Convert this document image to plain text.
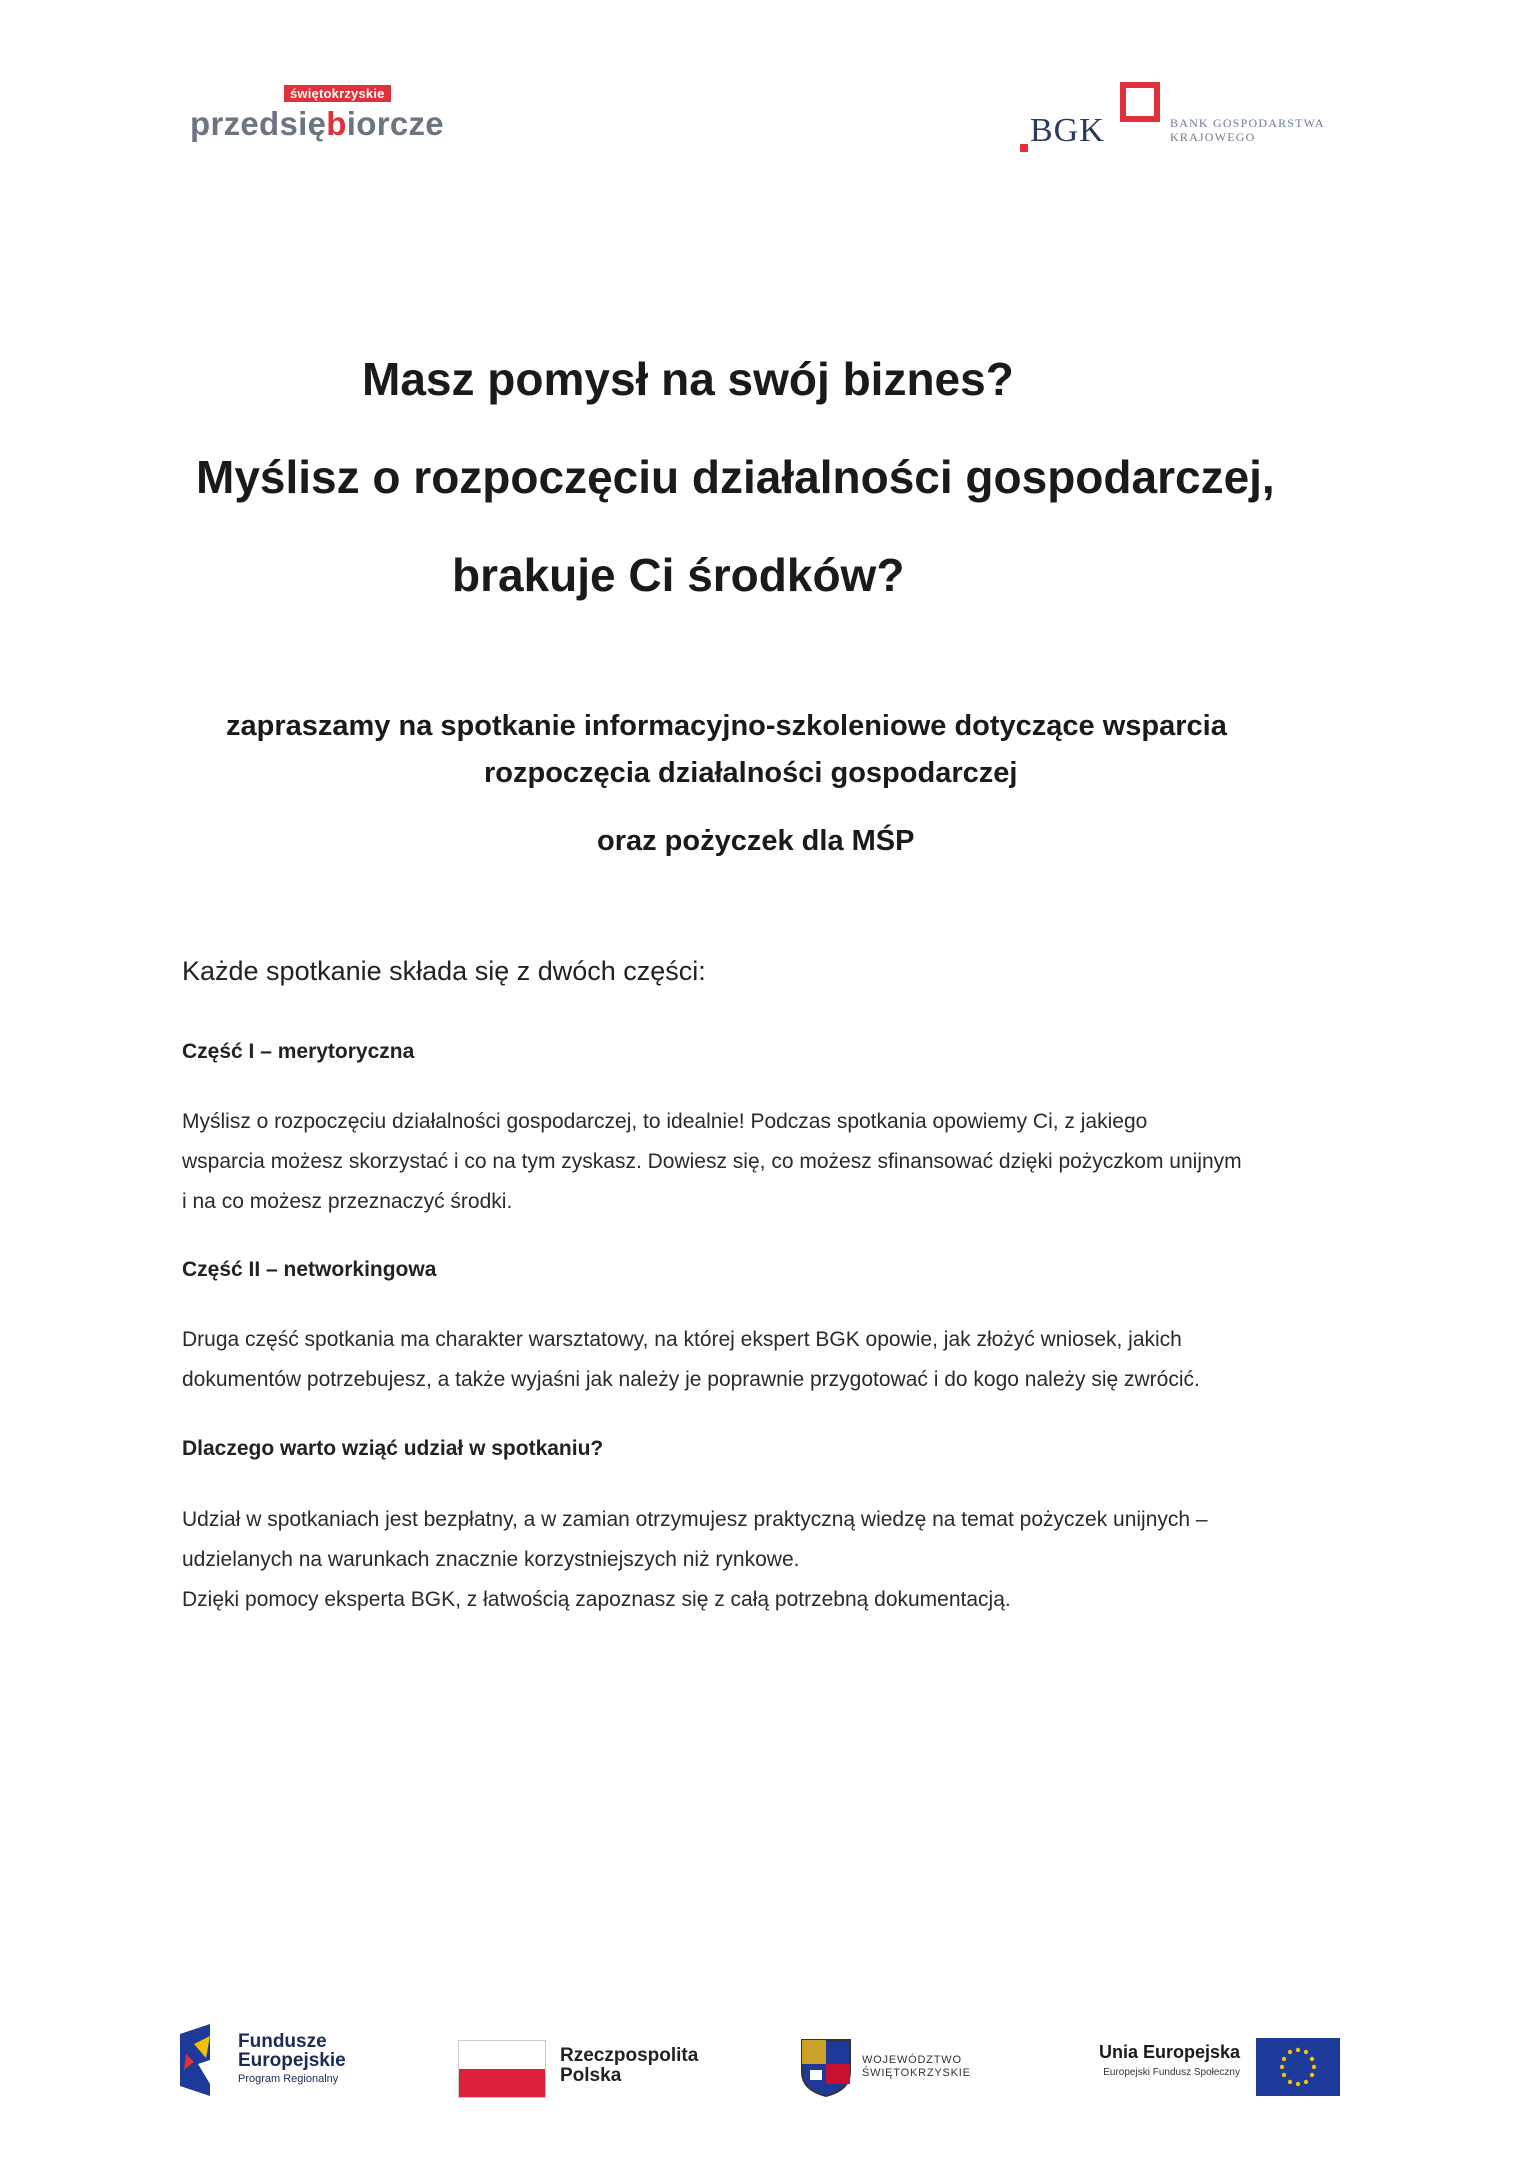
świętokrzyskie
przedsiębiorcze	BGK	BANK GOSPODARSTWA
KRAJOWEGO
Masz pomysł na swój biznes?
Myślisz o rozpoczęciu działalności gospodarczej,
brakuje Ci środków?
zapraszamy na spotkanie informacyjno-szkoleniowe dotyczące wsparcia
rozpoczęcia działalności gospodarczej
oraz pożyczek dla MŚP
Każde spotkanie składa się z dwóch części:
Część I – merytoryczna
Myślisz o rozpoczęciu działalności gospodarczej, to idealnie! Podczas spotkania opowiemy Ci, z jakiego
wsparcia możesz skorzystać i co na tym zyskasz. Dowiesz się, co możesz sfinansować dzięki pożyczkom unijnym
i na co możesz przeznaczyć środki.
Część II – networkingowa
Druga część spotkania ma charakter warsztatowy, na której ekspert BGK opowie, jak złożyć wniosek, jakich
dokumentów potrzebujesz, a także wyjaśni jak należy je poprawnie przygotować i do kogo należy się zwrócić.
Dlaczego warto wziąć udział w spotkaniu?
Udział w spotkaniach jest bezpłatny, a w zamian otrzymujesz praktyczną wiedzę na temat pożyczek unijnych –
udzielanych na warunkach znacznie korzystniejszych niż rynkowe.
Dzięki pomocy eksperta BGK, z łatwością zapoznasz się z całą potrzebną dokumentacją.
Fundusze
Europejskie
Program Regionalny
Rzeczpospolita
Polska
WOJEWÓDZTWO
ŚWIĘTOKRZYSKIE
Unia Europejska
Europejski Fundusz Społeczny
